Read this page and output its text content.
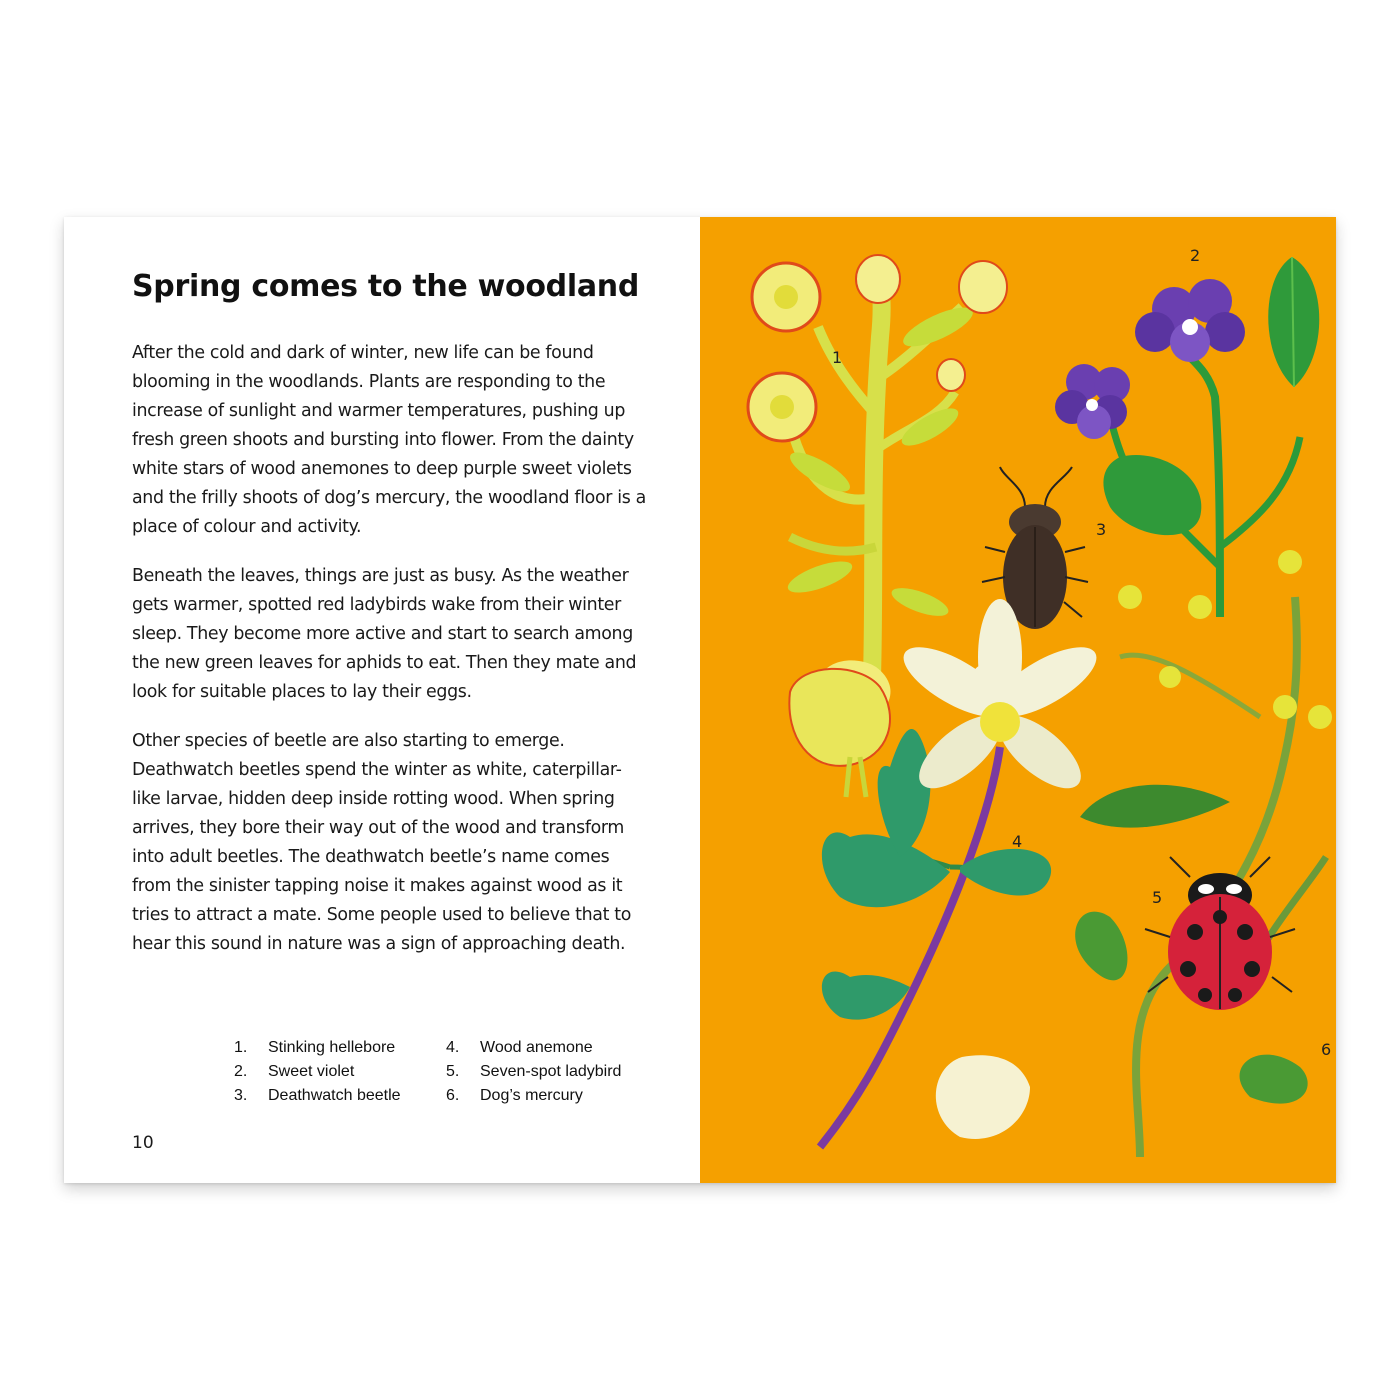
Spring comes to the woodland

After the cold and dark of winter, new life can be found blooming in the woodlands. Plants are responding to the increase of sunlight and warmer temperatures, pushing up fresh green shoots and bursting into flower. From the dainty white stars of wood anemones to deep purple sweet violets and the frilly shoots of dog’s mercury, the woodland floor is a place of colour and activity.

Beneath the leaves, things are just as busy. As the weather gets warmer, spotted red ladybirds wake from their winter sleep. They become more active and start to search among the new green leaves for aphids to eat. Then they mate and look for suitable places to lay their eggs.

Other species of beetle are also starting to emerge. Deathwatch beetles spend the winter as white, caterpillar-like larvae, hidden deep inside rotting wood. When spring arrives, they bore their way out of the wood and transform into adult beetles. The deathwatch beetle’s name comes from the sinister tapping noise it makes against wood as it tries to attract a mate. Some people used to believe that to hear this sound in nature was a sign of approaching death.

1.	Stinking hellebore
2.	Sweet violet
3.	Deathwatch beetle
4.	Wood anemone
5.	Seven-spot ladybird
6.	Dog’s mercury
10
1
2
3
4
5
6
